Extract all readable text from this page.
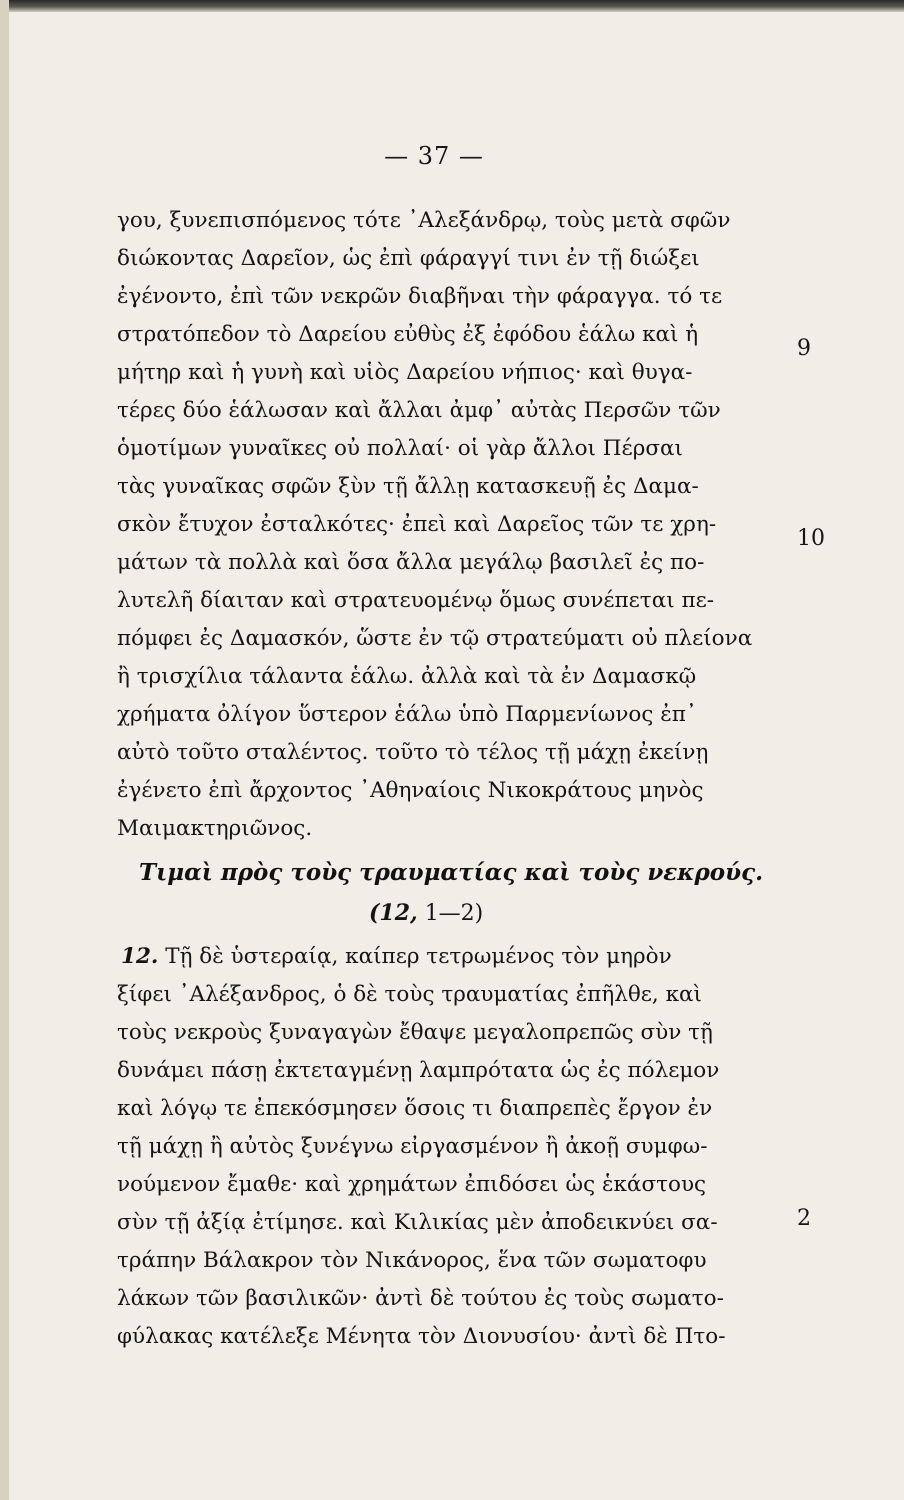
— 37 —
γου, ξυνεπισπόμενος τότε ᾽Αλεξάνδρῳ, τοὺς μετὰ σφῶν
διώκοντας Δαρεῖον, ὡς ἐπὶ φάραγγί τινι ἐν τῇ διώξει
ἐγένοντο, ἐπὶ τῶν νεκρῶν διαβῆναι τὴν φάραγγα. τό τε
στρατόπεδον τὸ Δαρείου εὐθὺς ἐξ ἐφόδου ἑάλω καὶ ἡ
μήτηρ καὶ ἡ γυνὴ καὶ υἱὸς Δαρείου νήπιος· καὶ θυγα-
τέρες δύο ἑάλωσαν καὶ ἄλλαι ἀμφ᾽ αὐτὰς Περσῶν τῶν
ὁμοτίμων γυναῖκες οὐ πολλαί· οἱ γὰρ ἄλλοι Πέρσαι
τὰς γυναῖκας σφῶν ξὺν τῇ ἄλλῃ κατασκευῇ ἐς Δαμα-
σκὸν ἔτυχον ἐσταλκότες· ἐπεὶ καὶ Δαρεῖος τῶν τε χρη-
μάτων τὰ πολλὰ καὶ ὅσα ἄλλα μεγάλῳ βασιλεῖ ἐς πο-
λυτελῆ δίαιταν καὶ στρατευομένῳ ὅμως συνέπεται πε-
πόμφει ἐς Δαμασκόν, ὥστε ἐν τῷ στρατεύματι οὐ πλείονα
ἢ τρισχίλια τάλαντα ἑάλω. ἀλλὰ καὶ τὰ ἐν Δαμασκῷ
χρήματα ὀλίγον ὕστερον ἑάλω ὑπὸ Παρμενίωνος ἐπ᾽
αὐτὸ τοῦτο σταλέντος. τοῦτο τὸ τέλος τῇ μάχῃ ἐκείνῃ
ἐγένετο ἐπὶ ἄρχοντος ᾽Αθηναίοις Νικοκράτους μηνὸς
Μαιμακτηριῶνος.
Τιμαὶ πρὸς τοὺς τραυματίας καὶ τοὺς νεκρούς.
(12, 1—2)
12. Τῇ δὲ ὑστεραίᾳ, καίπερ τετρωμένος τὸν μηρὸν
ξίφει ᾽Αλέξανδρος, ὁ δὲ τοὺς τραυματίας ἐπῆλθε, καὶ
τοὺς νεκροὺς ξυναγαγὼν ἔθαψε μεγαλοπρεπῶς σὺν τῇ
δυνάμει πάσῃ ἐκτεταγμένῃ λαμπρότατα ὡς ἐς πόλεμον
καὶ λόγῳ τε ἐπεκόσμησεν ὅσοις τι διαπρεπὲς ἔργον ἐν
τῇ μάχῃ ἢ αὐτὸς ξυνέγνω εἰργασμένον ἢ ἀκοῇ συμφω-
νούμενον ἔμαθε· καὶ χρημάτων ἐπιδόσει ὡς ἑκάστους
σὺν τῇ ἀξίᾳ ἐτίμησε. καὶ Κιλικίας μὲν ἀποδεικνύει σα-
τράπην Βάλακρον τὸν Νικάνορος, ἕνα τῶν σωματοφυ
λάκων τῶν βασιλικῶν· ἀντὶ δὲ τούτου ἐς τοὺς σωματο-
φύλακας κατέλεξε Μένητα τὸν Διονυσίου· ἀντὶ δὲ Πτο-
9
10
2
